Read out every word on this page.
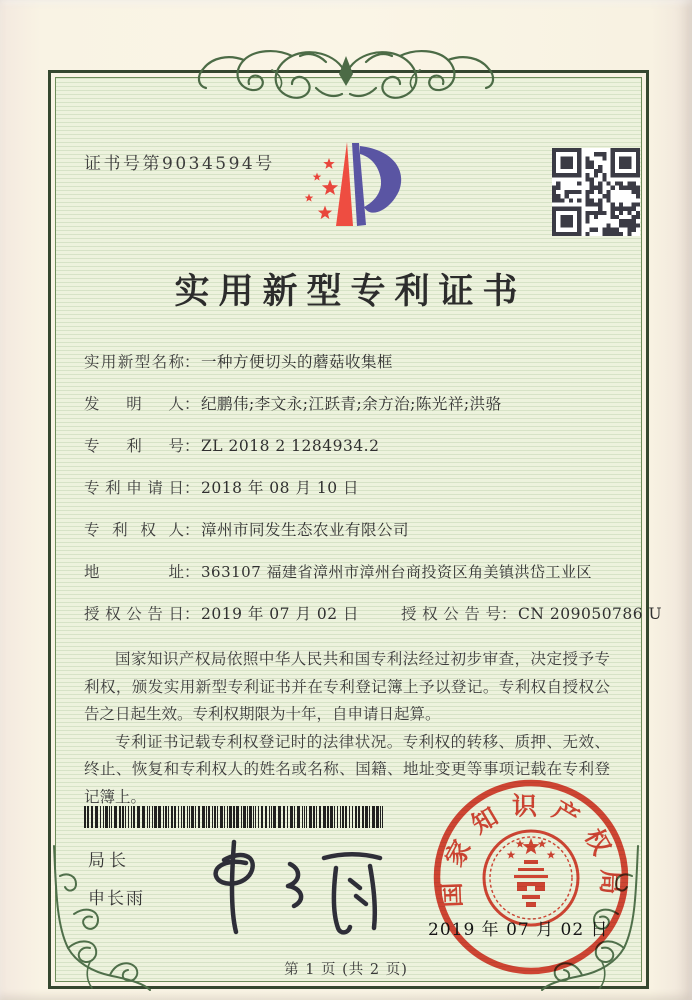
证书号第9034594号
实用新型专利证书
实用新型名称 ： 一种方便切头的蘑菇收集框
发明人 ： 纪鹏伟;李文永;江跃青;余方治;陈光祥;洪骆
专利号 ： ZL 2018 2 1284934.2
专利申请日 ： 2018 年 08 月 10 日
专利权人 ： 漳州市同发生态农业有限公司
地址 ： 363107 福建省漳州市漳州台商投资区角美镇洪岱工业区
授权公告日 ： 2019 年 07 月 02 日	授权公告号 ： CN 209050786 U

国家知识产权局依照中华人民共和国专利法经过初步审查，决定授予专利权，颁发实用新型专利证书并在专利登记簿上予以登记。专利权自授权公告之日起生效。专利权期限为十年，自申请日起算。

专利证书记载专利权登记时的法律状况。专利权的转移、质押、无效、终止、恢复和专利权人的姓名或名称、国籍、地址变更等事项记载在专利登记簿上。

局长
申长雨	国家知识产权局
2019 年 07 月 02 日
第 1 页 (共 2 页)
